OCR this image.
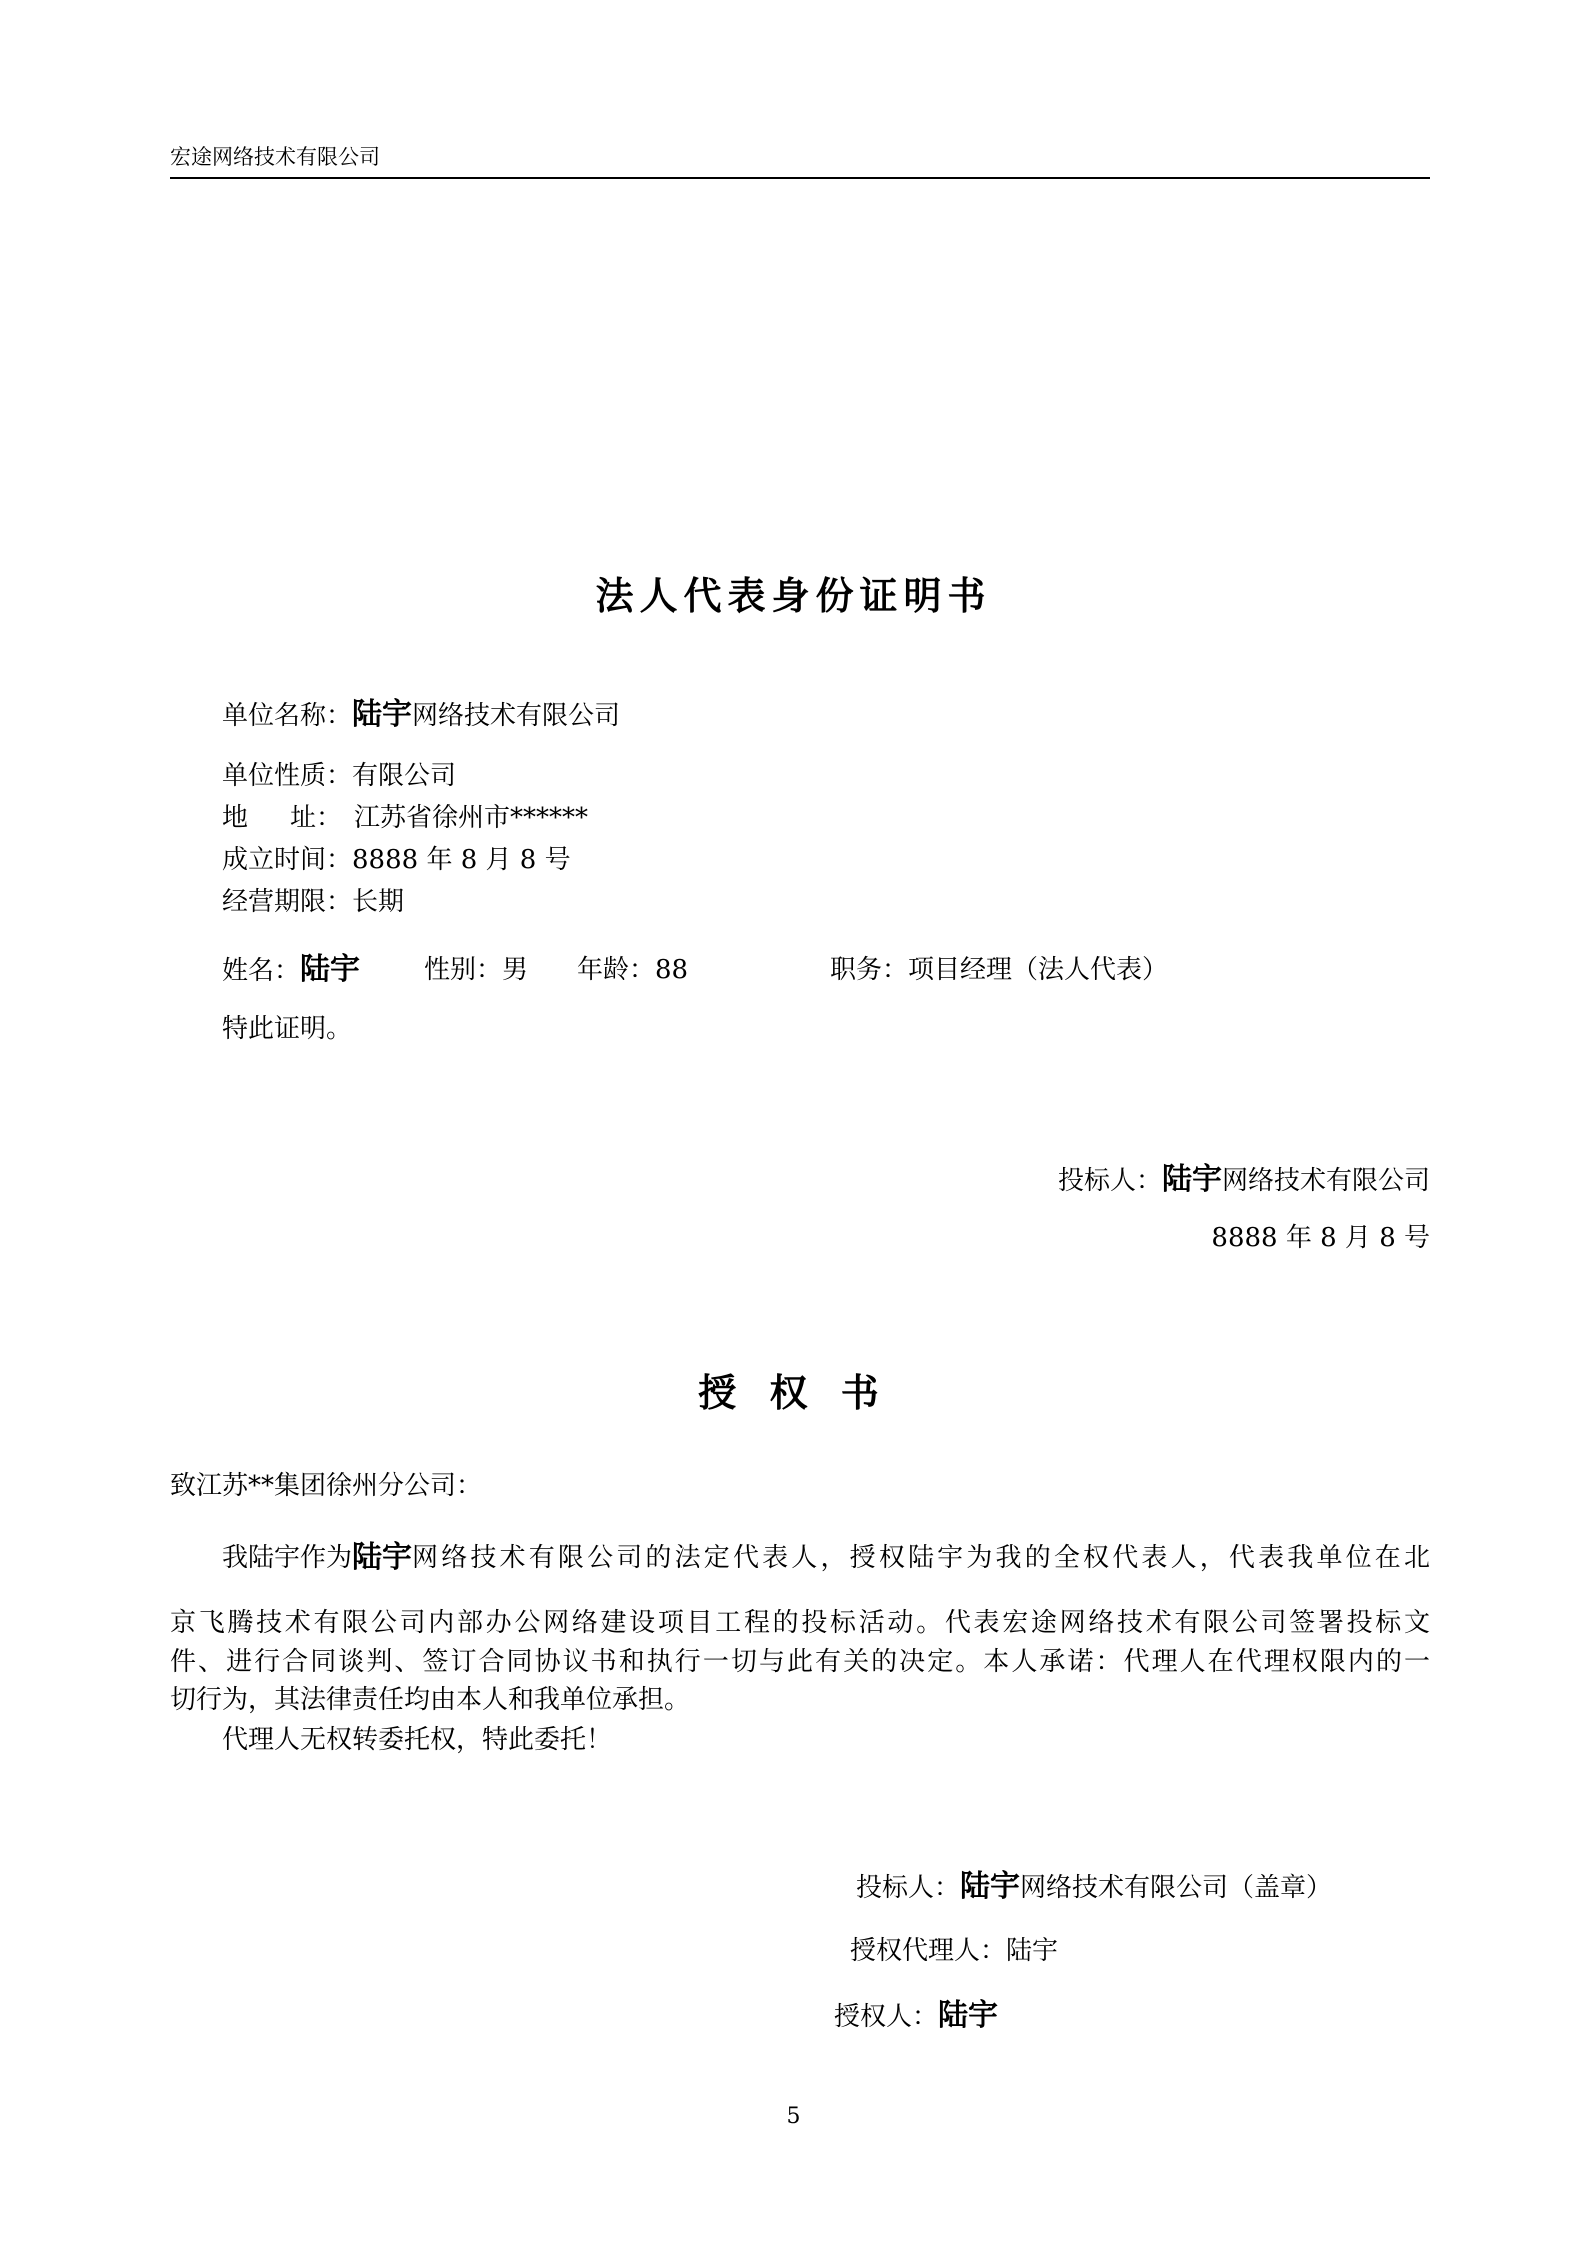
宏途网络技术有限公司
法人代表身份证明书
单位名称：陆宇网络技术有限公司
单位性质：有限公司
地 址： 江苏省徐州市******
成立时间：8888 年 8 月 8 号
经营期限：长期
姓名：陆宇 性别：男 年龄：88	职务：项目经理（法人代表）
特此证明。
投标人：陆宇网络技术有限公司
8888 年 8 月 8 号
授 权 书
致江苏**集团徐州分公司：
我陆宇作为 陆宇 网络技术有限公司的法定代表人，授权陆宇为我的全权代表人，代表我单位在北
京飞腾技术有限公司内部办公网络建设项目工程的投标活动。代表宏途网络技术有限公司签署投标文
件、进行合同谈判、签订合同协议书和执行一切与此有关的决定。本人承诺：代理人在代理权限内的一
切行为，其法律责任均由本人和我单位承担。
代理人无权转委托权，特此委托！
投标人：陆宇网络技术有限公司（盖章）
授权代理人：陆宇
授权人：陆宇
5
